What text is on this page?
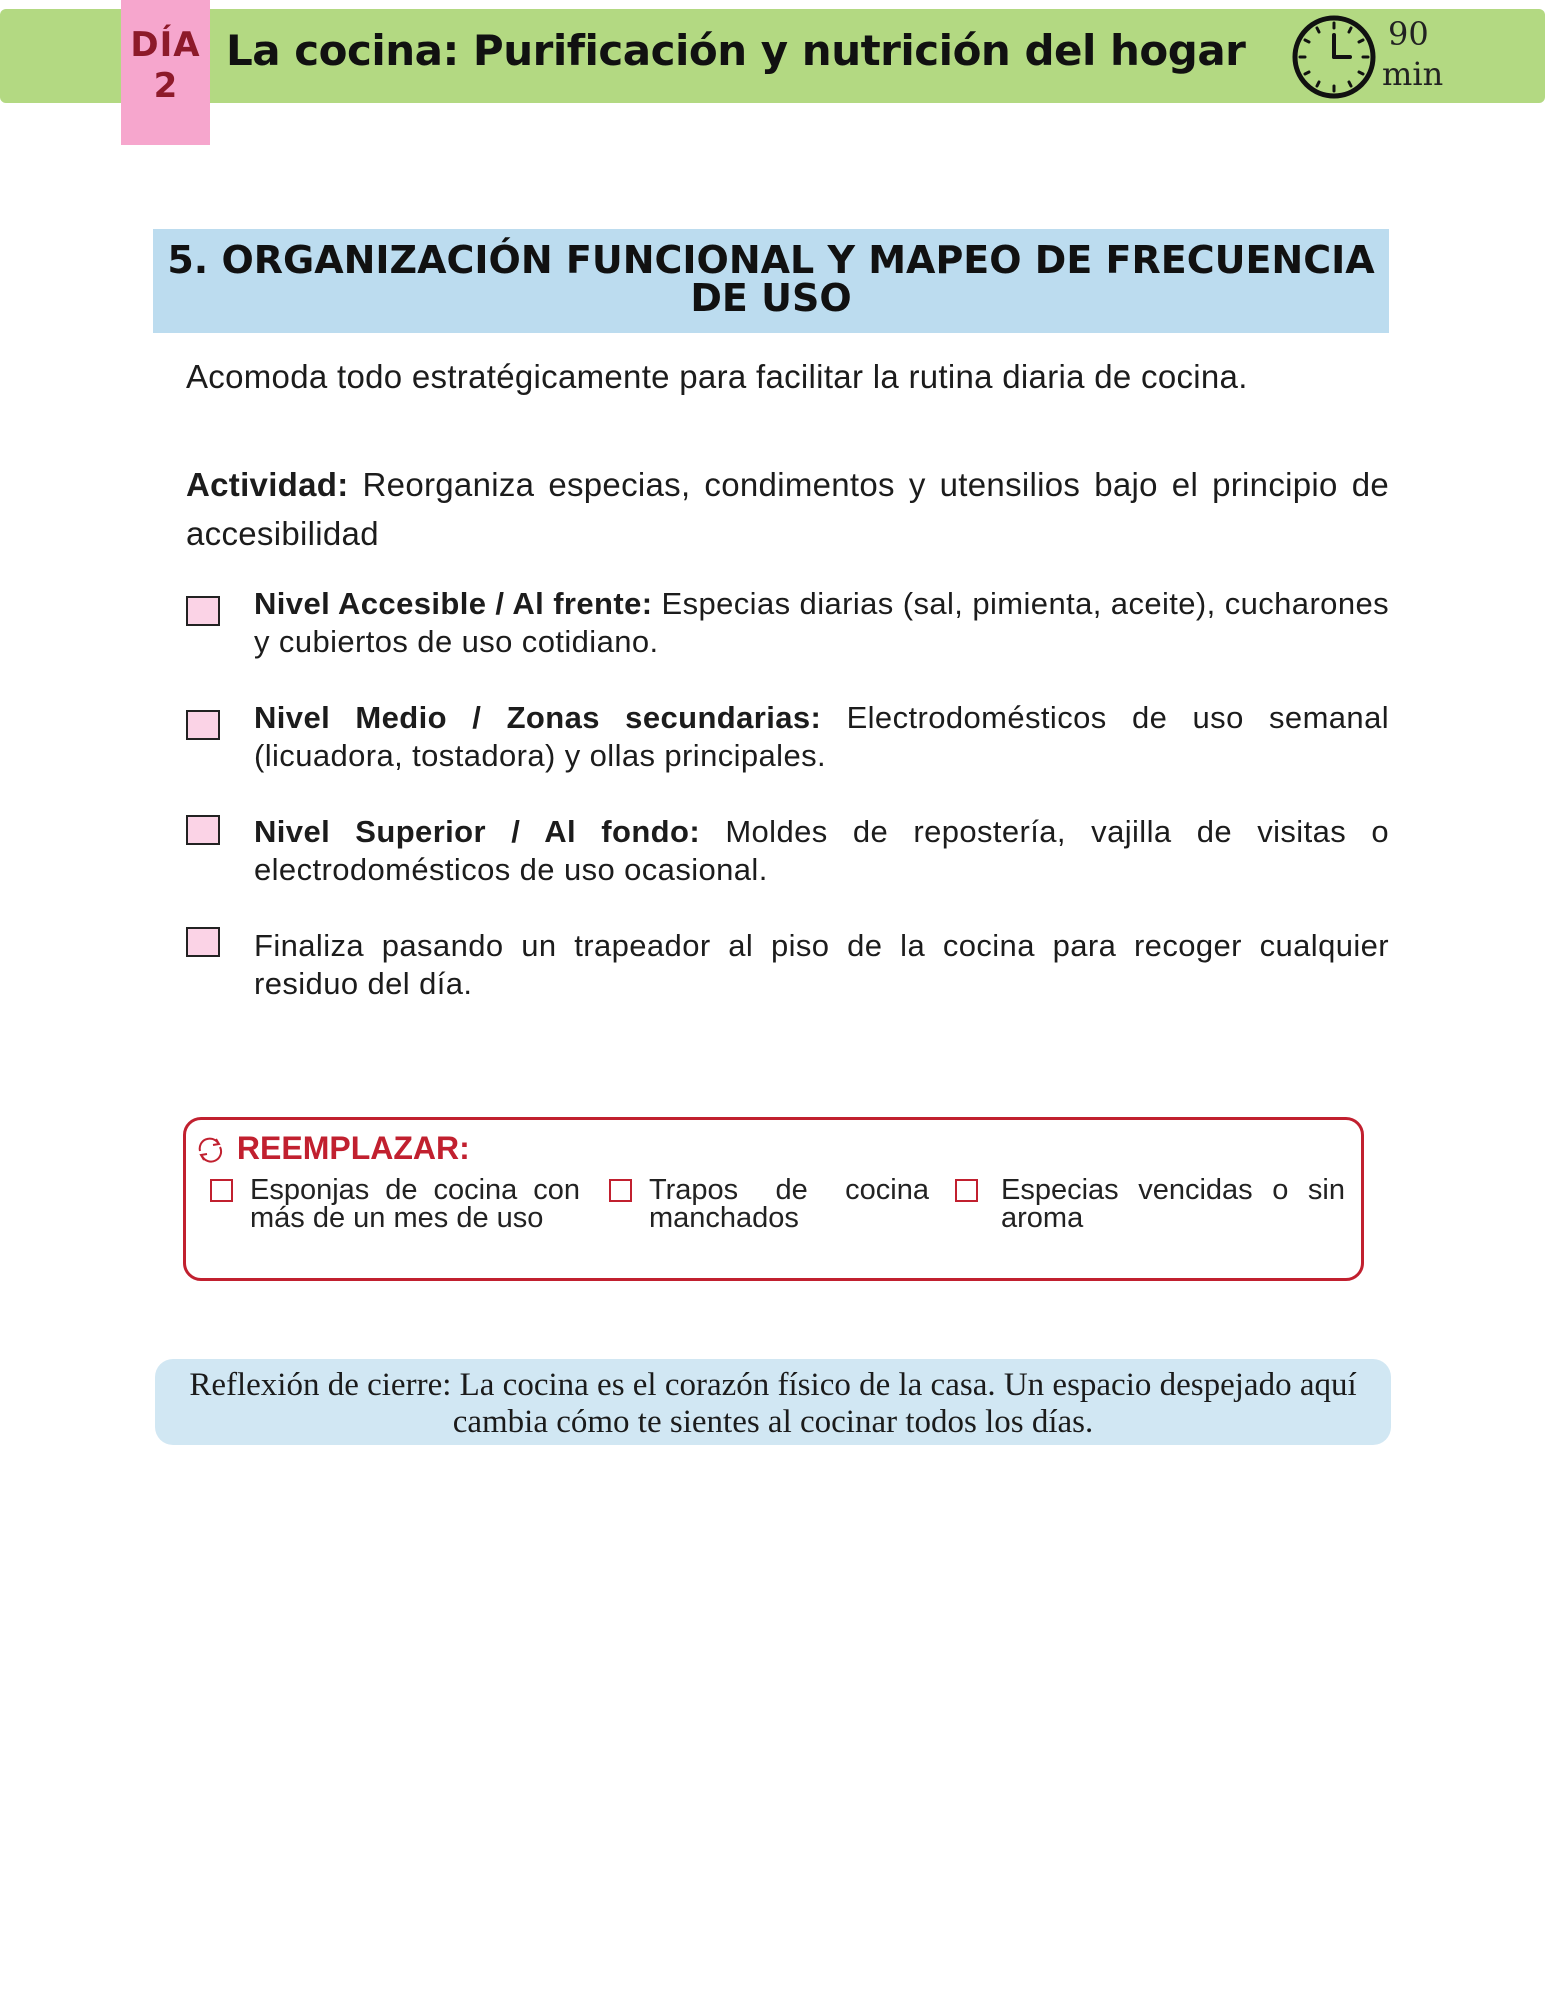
DÍA
2
La cocina: Purificación y nutrición del hogar	90
min
5. ORGANIZACIÓN FUNCIONAL Y MAPEO DE FRECUENCIA DE USO
Acomoda todo estratégicamente para facilitar la rutina diaria de cocina.
Actividad: Reorganiza especias, condimentos y utensilios bajo el principio de accesibilidad
Nivel Accesible / Al frente: Especias diarias (sal, pimienta, aceite), cucharones y cubiertos de uso cotidiano.
Nivel Medio / Zonas secundarias: Electrodomésticos de uso semanal (licuadora, tostadora) y ollas principales.
Nivel Superior / Al fondo: Moldes de repostería, vajilla de visitas o electrodomésticos de uso ocasional.
Finaliza pasando un trapeador al piso de la cocina para recoger cualquier residuo del día.
REEMPLAZAR:
Esponjas de cocina con más de un mes de uso
Trapos de cocina manchados
Especias vencidas o sin aroma
Reflexión de cierre: La cocina es el corazón físico de la casa. Un espacio despejado aquí cambia cómo te sientes al cocinar todos los días.
